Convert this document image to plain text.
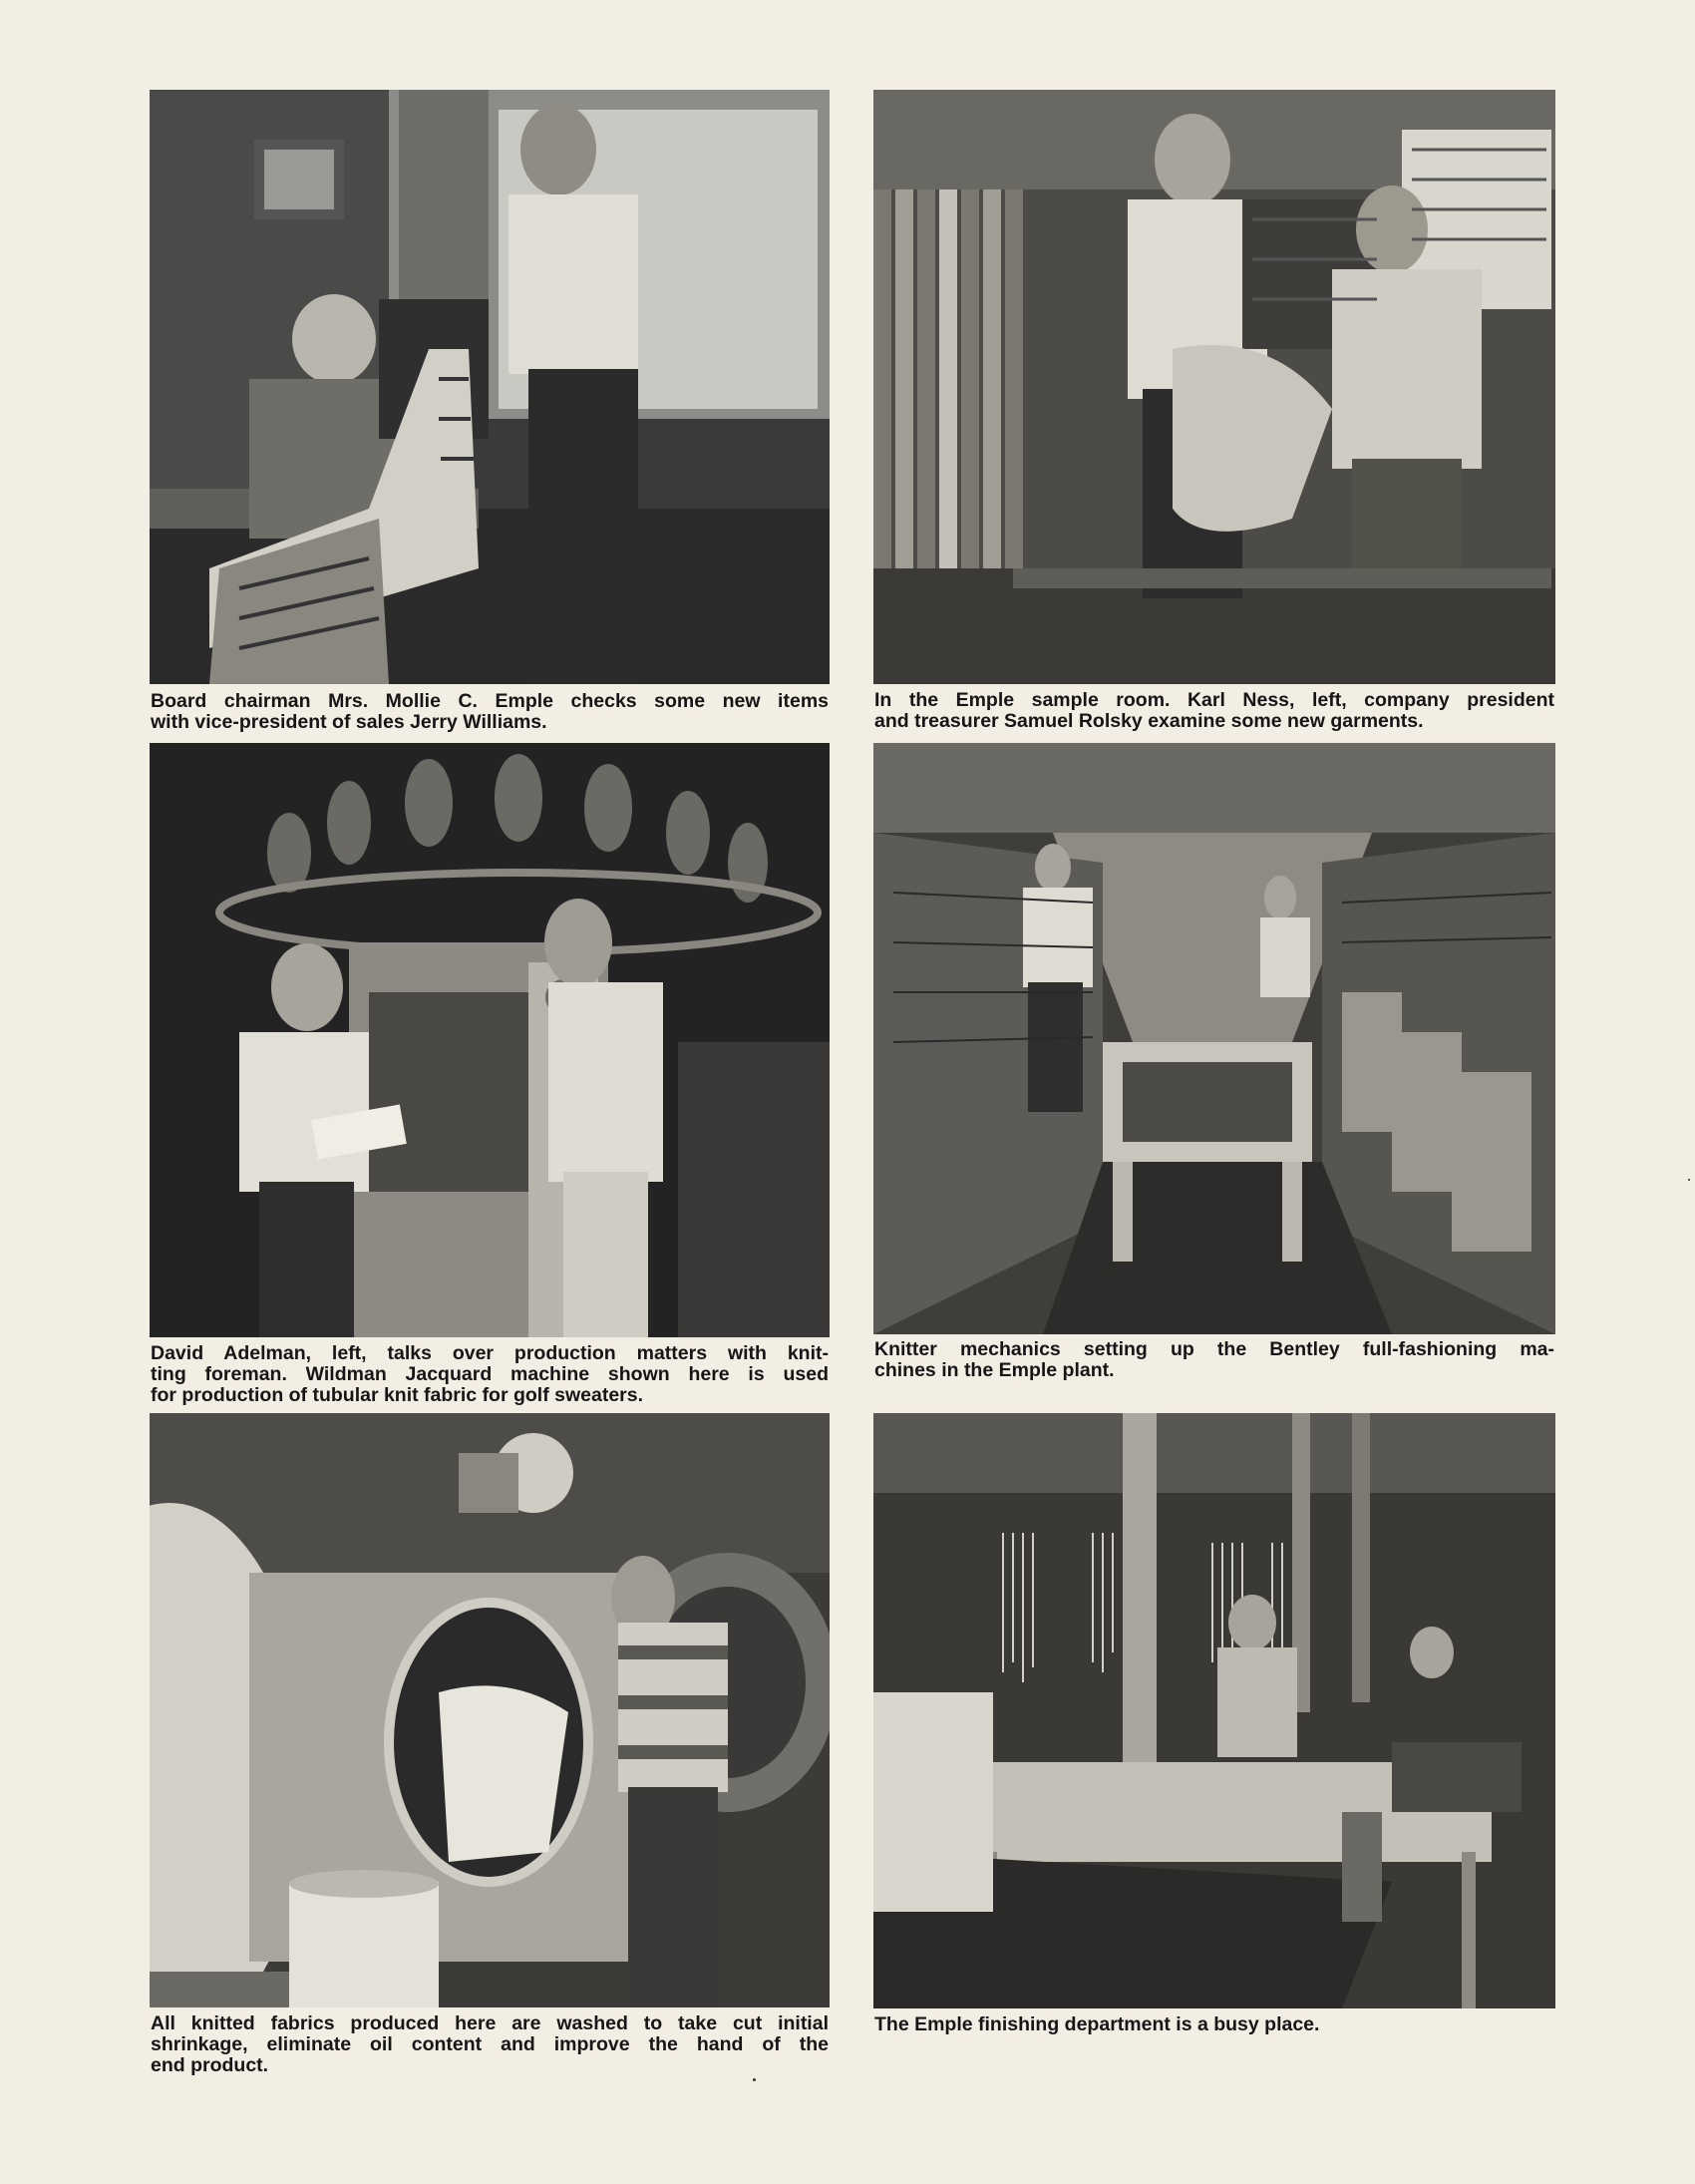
Board chairman Mrs. Mollie C. Emple checks some new items

with vice-president of sales Jerry Williams.

In the Emple sample room. Karl Ness, left, company president

and treasurer Samuel Rolsky examine some new garments.

David Adelman, left, talks over production matters with knit-

ting foreman. Wildman Jacquard machine shown here is used

for production of tubular knit fabric for golf sweaters.

Knitter mechanics setting up the Bentley full-fashioning ma-

chines in the Emple plant.

All knitted fabrics produced here are washed to take cut initial

shrinkage, eliminate oil content and improve the hand of the

end product.

The Emple finishing department is a busy place.
